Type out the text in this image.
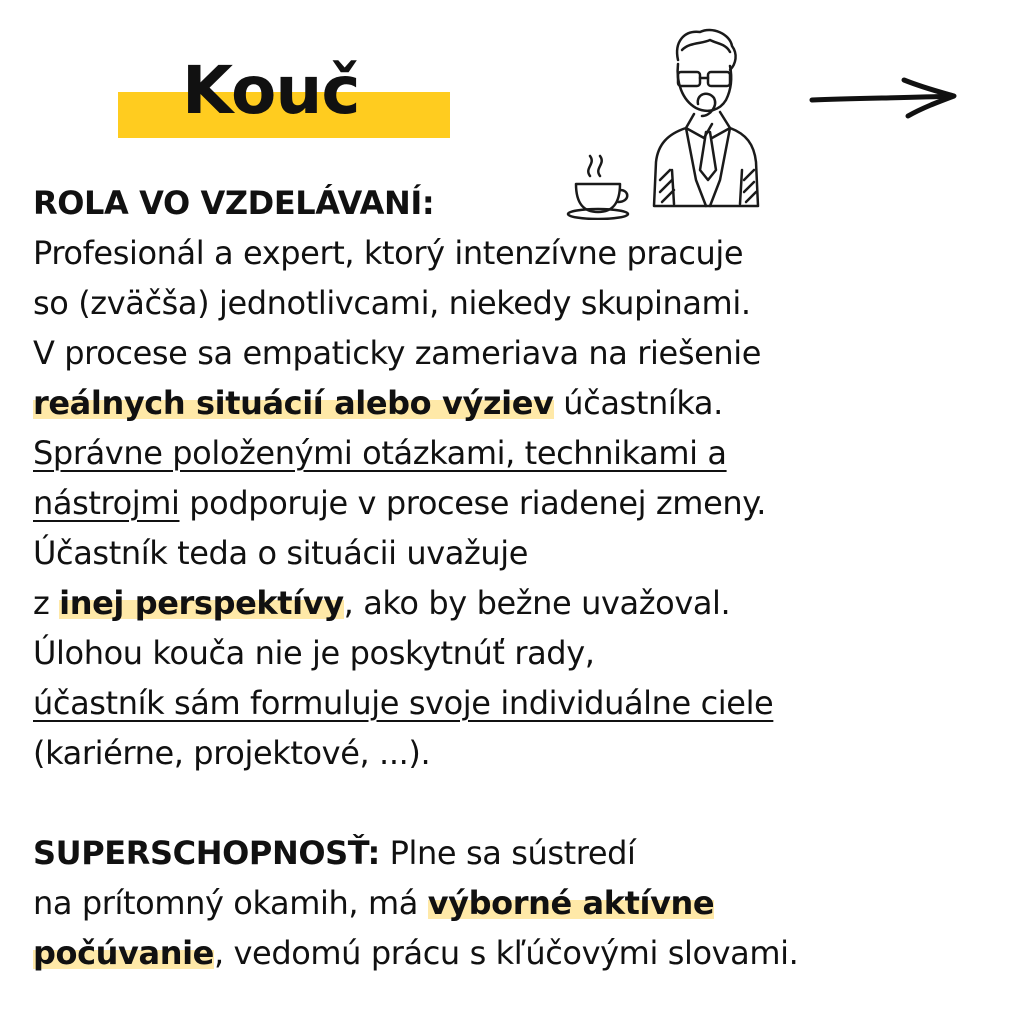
Kouč
ROLA VO VZDELÁVANÍ:
Profesionál a expert, ktorý intenzívne pracuje
so (zväčša) jednotlivcami, niekedy skupinami.
V procese sa empaticky zameriava na riešenie
reálnych situácií alebo výziev účastníka.
Správne položenými otázkami, technikami a
nástrojmi podporuje v procese riadenej zmeny.
Účastník teda o situácii uvažuje
z inej perspektívy, ako by bežne uvažoval.
Úlohou kouča nie je poskytnúť rady,
účastník sám formuluje svoje individuálne ciele
(kariérne, projektové, ...).
SUPERSCHOPNOSŤ: Plne sa sústredí
na prítomný okamih, má výborné aktívne
počúvanie, vedomú prácu s kľúčovými slovami.
